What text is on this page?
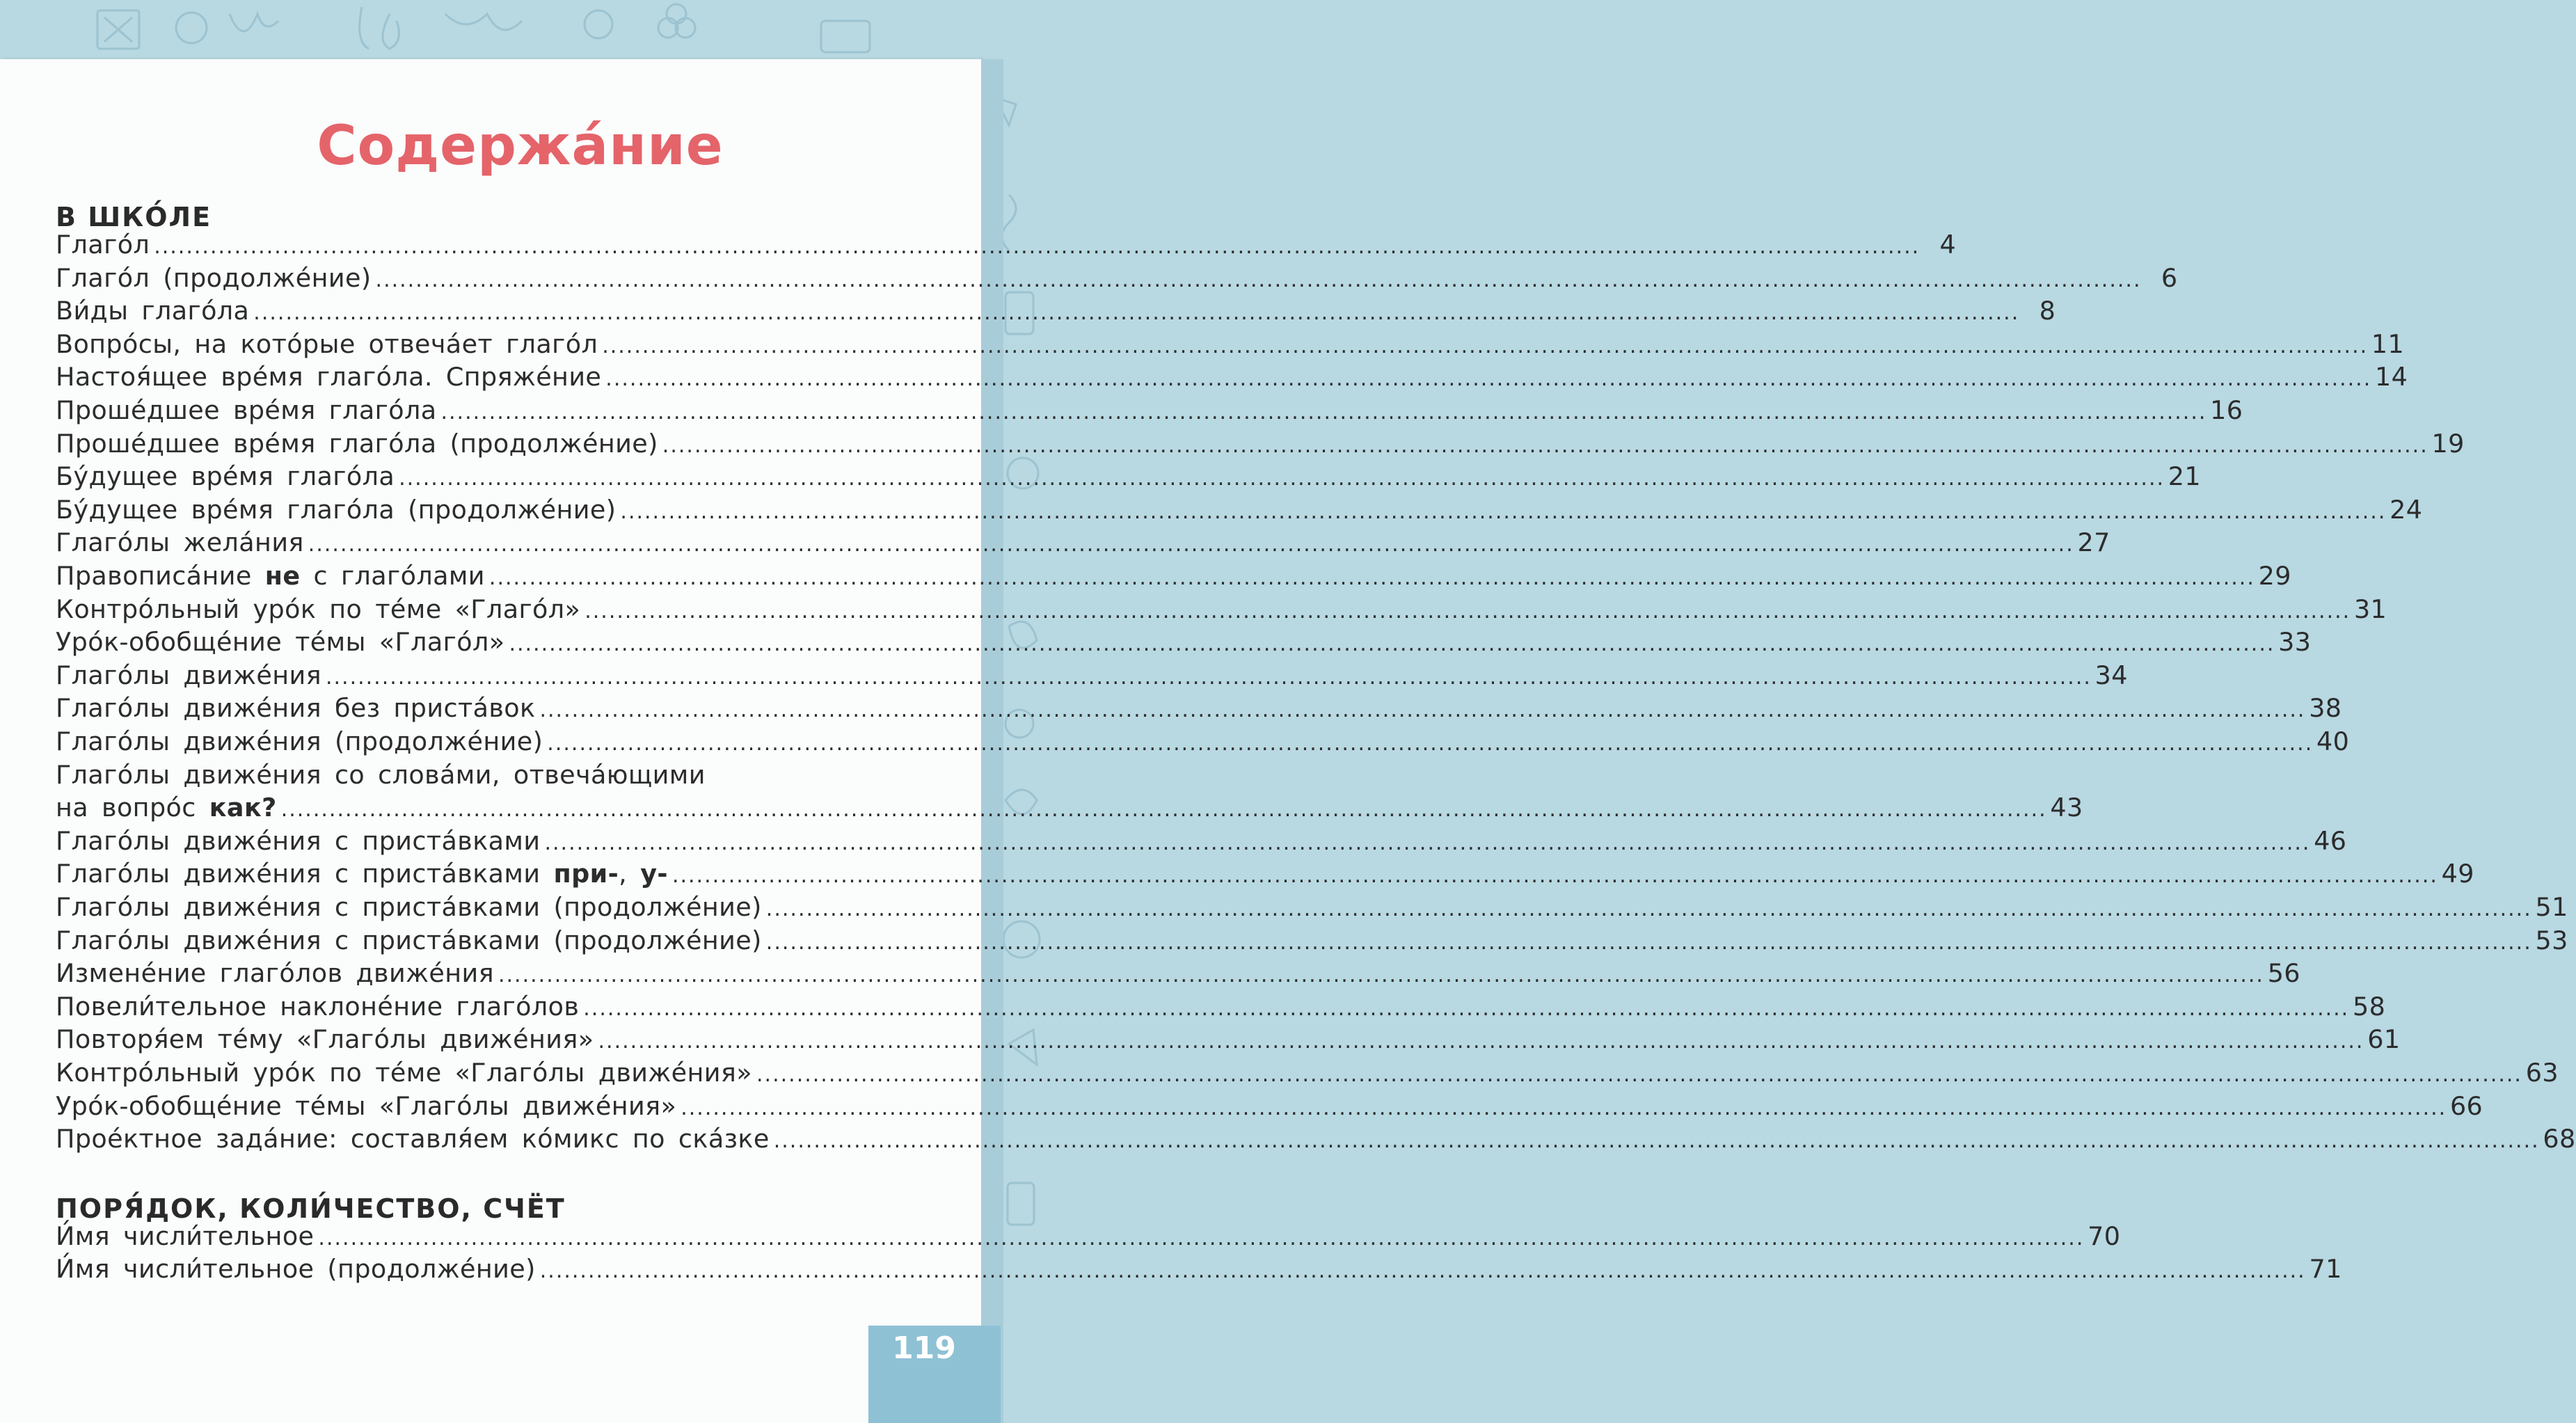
Содержа́ние
В ШКО́ЛЕ
Глаго́л ............................................................................................................................................................................................................................ 4
Глаго́л (продолже́ние) ............................................................................................................................................................................................................................ 6
Ви́ды глаго́ла ............................................................................................................................................................................................................................ 8
Вопро́сы, на кото́рые отвеча́ет глаго́л ............................................................................................................................................................................................................................ 11
Настоя́щее вре́мя глаго́ла. Спряже́ние ............................................................................................................................................................................................................................ 14
Проше́дшее вре́мя глаго́ла ............................................................................................................................................................................................................................ 16
Проше́дшее вре́мя глаго́ла (продолже́ние) ............................................................................................................................................................................................................................ 19
Бу́дущее вре́мя глаго́ла ............................................................................................................................................................................................................................ 21
Бу́дущее вре́мя глаго́ла (продолже́ние) ............................................................................................................................................................................................................................ 24
Глаго́лы жела́ния ............................................................................................................................................................................................................................ 27
Правописа́ние не с глаго́лами ............................................................................................................................................................................................................................ 29
Контро́льный уро́к по те́ме «Глаго́л» ............................................................................................................................................................................................................................ 31
Уро́к-обобще́ние те́мы «Глаго́л» ............................................................................................................................................................................................................................ 33
Глаго́лы движе́ния ............................................................................................................................................................................................................................ 34
Глаго́лы движе́ния без приста́вок ............................................................................................................................................................................................................................ 38
Глаго́лы движе́ния (продолже́ние) ............................................................................................................................................................................................................................ 40
Глаго́лы движе́ния со слова́ми, отвеча́ющими
на вопро́с как? ............................................................................................................................................................................................................................ 43
Глаго́лы движе́ния с приста́вками ............................................................................................................................................................................................................................ 46
Глаго́лы движе́ния с приста́вками при-, у- ............................................................................................................................................................................................................................ 49
Глаго́лы движе́ния с приста́вками (продолже́ние) ............................................................................................................................................................................................................................ 51
Глаго́лы движе́ния с приста́вками (продолже́ние) ............................................................................................................................................................................................................................ 53
Измене́ние глаго́лов движе́ния ............................................................................................................................................................................................................................ 56
Повели́тельное наклоне́ние глаго́лов ............................................................................................................................................................................................................................ 58
Повторя́ем те́му «Глаго́лы движе́ния» ............................................................................................................................................................................................................................ 61
Контро́льный уро́к по те́ме «Глаго́лы движе́ния» ............................................................................................................................................................................................................................ 63
Уро́к-обобще́ние те́мы «Глаго́лы движе́ния» ............................................................................................................................................................................................................................ 66
Прое́ктное зада́ние: составля́ем ко́микс по ска́зке ............................................................................................................................................................................................................................ 68
ПОРЯ́ДОК, КОЛИ́ЧЕСТВО, СЧЁТ
И́мя числи́тельное ............................................................................................................................................................................................................................ 70
И́мя числи́тельное (продолже́ние) ............................................................................................................................................................................................................................ 71
119
